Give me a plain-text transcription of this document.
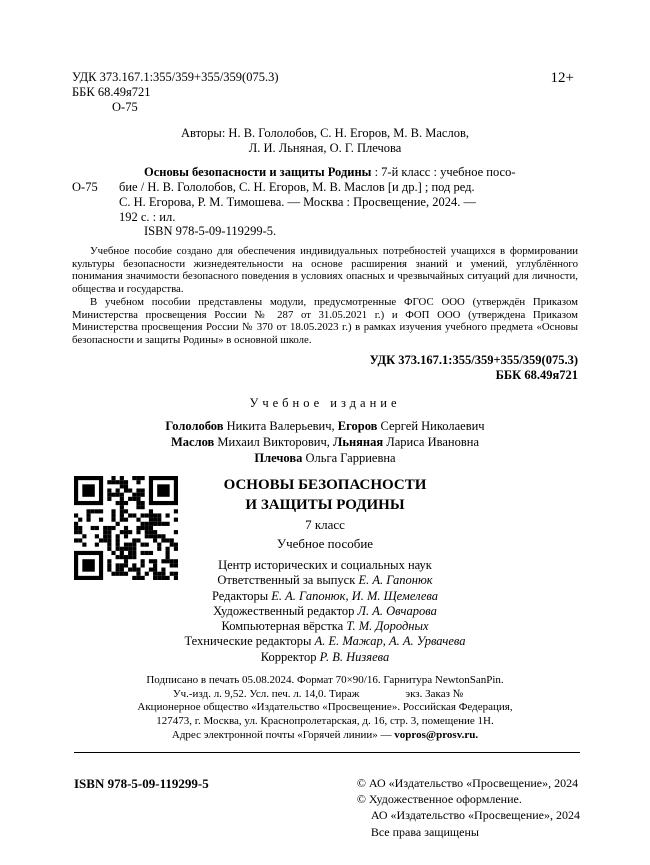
УДК 373.167.1:355/359+355/359(075.3)
ББК 68.49я721
О-75
12+
Авторы: Н. В. Гололобов, С. Н. Егоров, М. В. Маслов,
Л. И. Льняная, О. Г. Плечова
О-75
Основы безопасности и защиты Родины : 7-й класс : учебное посо-
бие / Н. В. Гололобов, С. Н. Егоров, М. В. Маслов [и др.] ; под ред.
С. Н. Егорова, Р. М. Тимошева. — Москва : Просвещение, 2024. —
192 с. : ил.
ISBN 978-5-09-119299-5.

Учебное пособие создано для обеспечения индивидуальных потребностей учащихся в формировании культуры безопасности жизнедеятельности на основе расширения знаний и умений, углублённого понимания значимости безопасного поведения в условиях опасных и чрезвычайных ситуаций для личности, общества и государства.

В учебном пособии представлены модули, предусмотренные ФГОС ООО (утверждён Приказом Министерства просвещения России № 287 от 31.05.2021 г.) и ФОП ООО (утверждена Приказом Министерства просвещения России № 370 от 18.05.2023 г.) в рамках изучения учебного предмета «Основы безопасности и защиты Родины» в основной школе.

УДК 373.167.1:355/359+355/359(075.3)
ББК 68.49я721
Учебное издание
Гололобов Никита Валерьевич, Егоров Сергей Николаевич
Маслов Михаил Викторович, Льняная Лариса Ивановна
Плечова Ольга Гарриевна
ОСНОВЫ БЕЗОПАСНОСТИ
И ЗАЩИТЫ РОДИНЫ
7 класс
Учебное пособие
Центр исторических и социальных наук
Ответственный за выпуск Е. А. Гапонюк
Редакторы Е. А. Гапонюк, И. М. Щемелева
Художественный редактор Л. А. Овчарова
Компьютерная вёрстка Т. М. Дородных
Технические редакторы А. Е. Мажар, А. А. Урвачева
Корректор Р. В. Низяева
Подписано в печать 05.08.2024. Формат 70×90/16. Гарнитура NewtonSanPin.
Уч.-изд. л. 9,52. Усл. печ. л. 14,0. Тираж	экз. Заказ №
Акционерное общество «Издательство «Просвещение». Российская Федерация,
127473, г. Москва, ул. Краснопролетарская, д. 16, стр. 3, помещение 1Н.
Адрес электронной почты «Горячей линии» — vopros@prosv.ru.
ISBN 978-5-09-119299-5	© АО «Издательство «Просвещение», 2024
© Художественное оформление.
АО «Издательство «Просвещение», 2024
Все права защищены
